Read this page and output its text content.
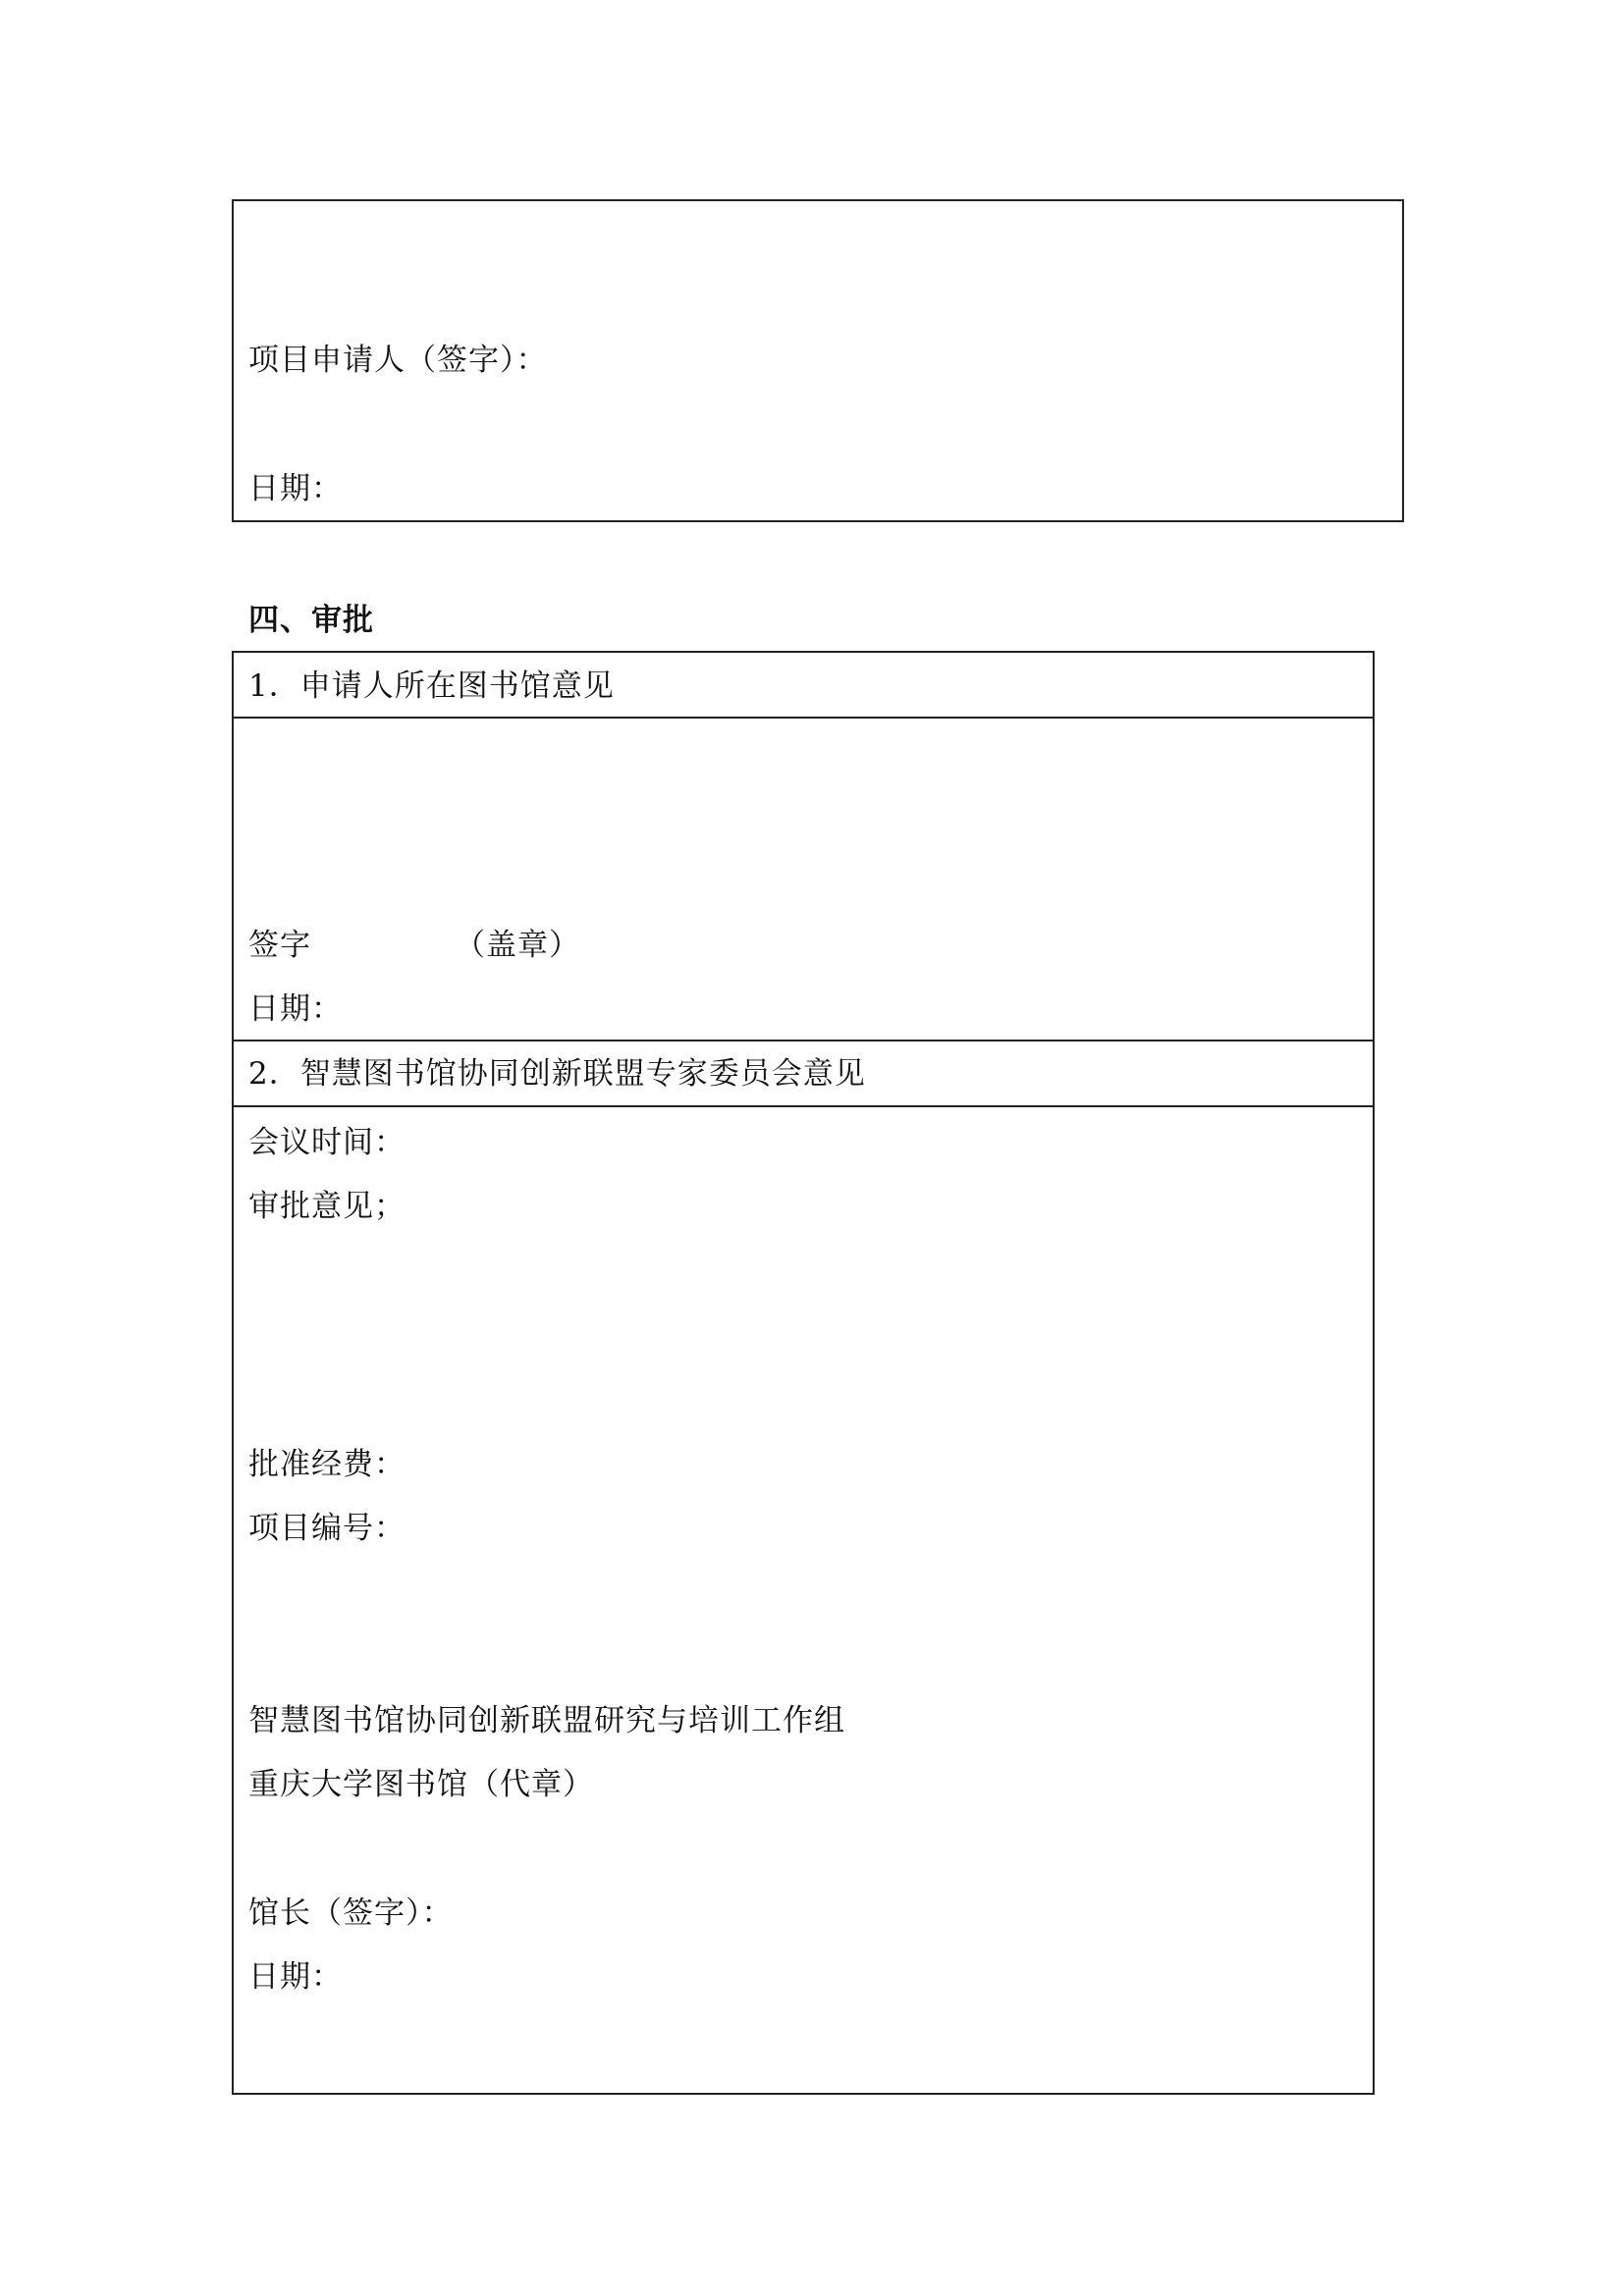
项目申请人（签字）：
日期：
四、审批
1．申请人所在图书馆意见
签字	（盖章）
日期：
2．智慧图书馆协同创新联盟专家委员会意见
会议时间：
审批意见；
批准经费：
项目编号：
智慧图书馆协同创新联盟研究与培训工作组
重庆大学图书馆（代章）
馆长（签字）：
日期：
